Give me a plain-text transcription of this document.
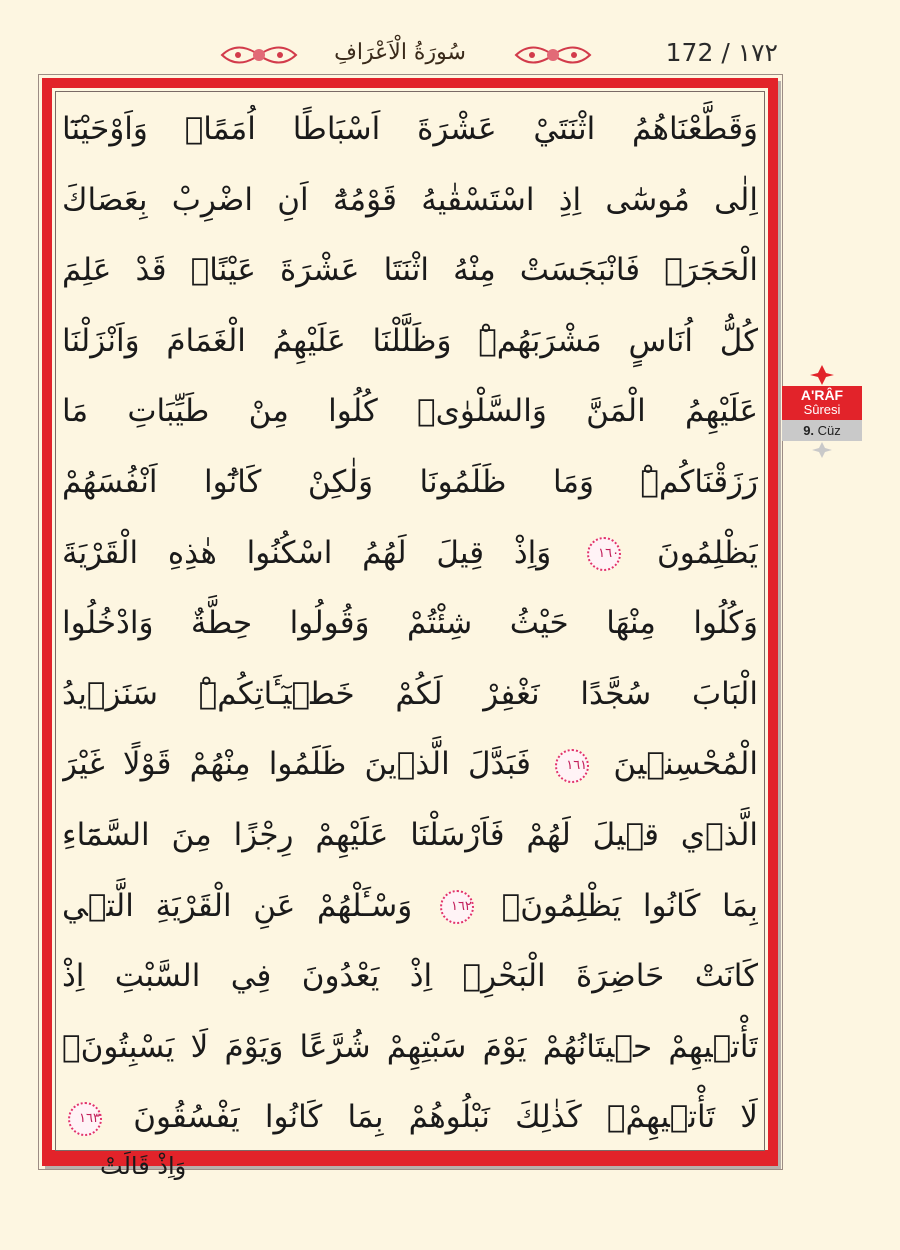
سُورَةُ الْاَعْرَافِ	172 / ١٧٢
وَقَطَّعْنَاهُمُ اثْنَتَيْ عَشْرَةَ اَسْبَاطًا اُمَمًاۜ وَاَوْحَيْنَٓا
اِلٰى مُوسٰٓى اِذِ اسْتَسْقٰيهُ قَوْمُهُٓ اَنِ اضْرِبْ بِعَصَاكَ
الْحَجَرَۚ فَانْبَجَسَتْ مِنْهُ اثْنَتَا عَشْرَةَ عَيْنًاۜ قَدْ عَلِمَ
كُلُّ اُنَاسٍ مَشْرَبَهُمْۜ وَظَلَّلْنَا عَلَيْهِمُ الْغَمَامَ وَاَنْزَلْنَا
عَلَيْهِمُ الْمَنَّ وَالسَّلْوٰىۜ كُلُوا مِنْ طَيِّبَاتِ مَا
رَزَقْنَاكُمْۜ وَمَا ظَلَمُونَا وَلٰكِنْ كَانُٓوا اَنْفُسَهُمْ
يَظْلِمُونَ ١٦٠ وَاِذْ قِيلَ لَهُمُ اسْكُنُوا هٰذِهِ الْقَرْيَةَ
وَكُلُوا مِنْهَا حَيْثُ شِئْتُمْ وَقُولُوا حِطَّةٌ وَادْخُلُوا
الْبَابَ سُجَّدًا نَغْفِرْ لَكُمْ خَطٖيٓـَٔاتِكُمْۜ سَنَزٖيدُ
الْمُحْسِنٖينَ ١٦١ فَبَدَّلَ الَّذٖينَ ظَلَمُوا مِنْهُمْ قَوْلًا غَيْرَ
الَّذٖي قٖيلَ لَهُمْ فَاَرْسَلْنَا عَلَيْهِمْ رِجْزًا مِنَ السَّمَٓاءِ
بِمَا كَانُوا يَظْلِمُونَۘ ١٦٢ وَسْـَٔلْهُمْ عَنِ الْقَرْيَةِ الَّتٖي
كَانَتْ حَاضِرَةَ الْبَحْرِۢ اِذْ يَعْدُونَ فِي السَّبْتِ اِذْ
تَأْتٖيهِمْ حٖيتَانُهُمْ يَوْمَ سَبْتِهِمْ شُرَّعًا وَيَوْمَ لَا يَسْبِتُونَۙ
لَا تَأْتٖيهِمْۚ كَذٰلِكَ نَبْلُوهُمْ بِمَا كَانُوا يَفْسُقُونَ ١٦٣
وَاِذْ قَالَتْ
A'RÂF
Sûresi
9. Cüz
